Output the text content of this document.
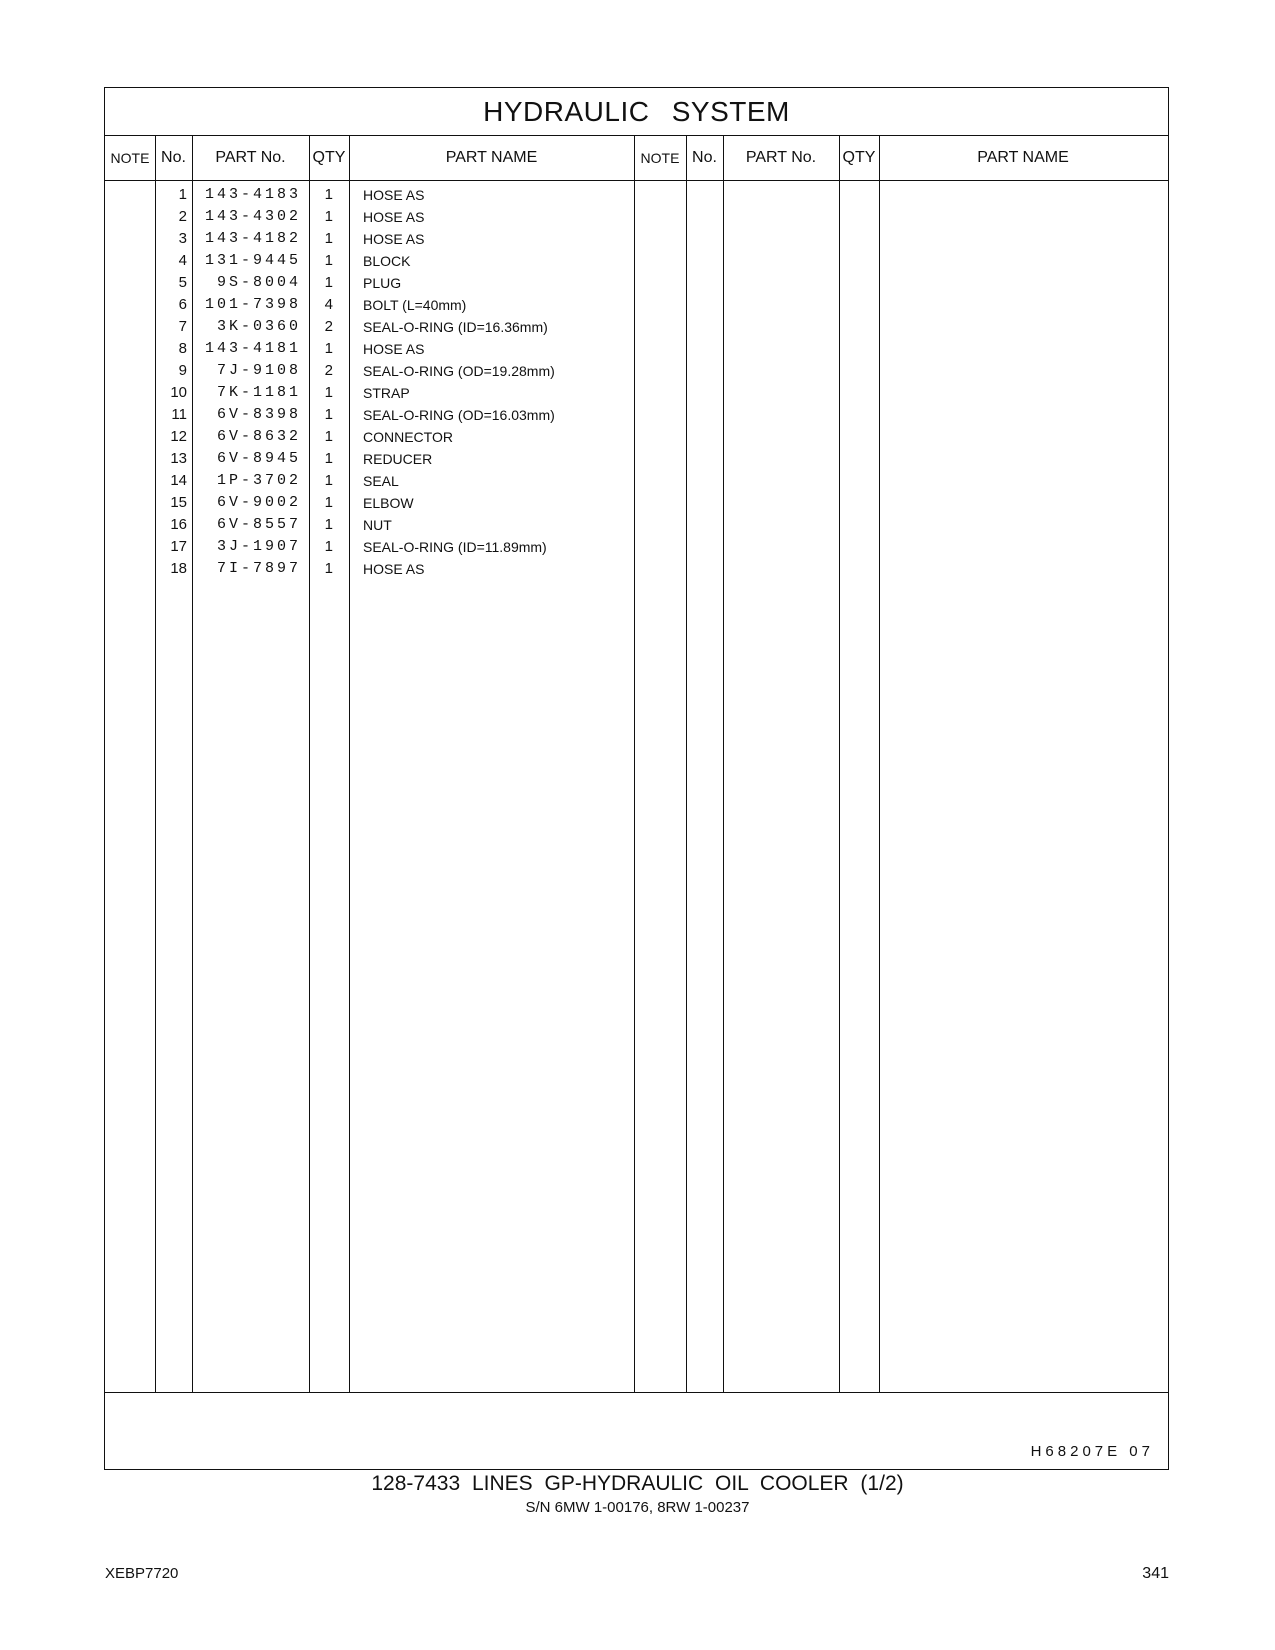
HYDRAULIC SYSTEM
NOTE No.	PART No.	QTY	PART NAME	NOTE No.	PART No.	QTY	PART NAME
1 143-4183	1 HOSE AS
2 143-4302	1 HOSE AS
3 143-4182	1 HOSE AS
4 131-9445	1 BLOCK
5	9S-8004	1 PLUG
6 101-7398	4 BOLT (L=40mm)
7	3K-0360	2 SEAL-O-RING (ID=16.36mm)
8 143-4181	1 HOSE AS
9	7J-9108	2 SEAL-O-RING (OD=19.28mm)
10	7K-1181	1 STRAP
11	6V-8398	1 SEAL-O-RING (OD=16.03mm)
12	6V-8632	1 CONNECTOR
13	6V-8945	1 REDUCER
14	1P-3702	1 SEAL
15	6V-9002	1 ELBOW
16	6V-8557	1 NUT
17	3J-1907	1 SEAL-O-RING (ID=11.89mm)
18	7I-7897	1 HOSE AS
H68207E 07
128-7433 LINES GP-HYDRAULIC OIL COOLER (1/2)
S/N 6MW 1-00176, 8RW 1-00237
XEBP7720	341
